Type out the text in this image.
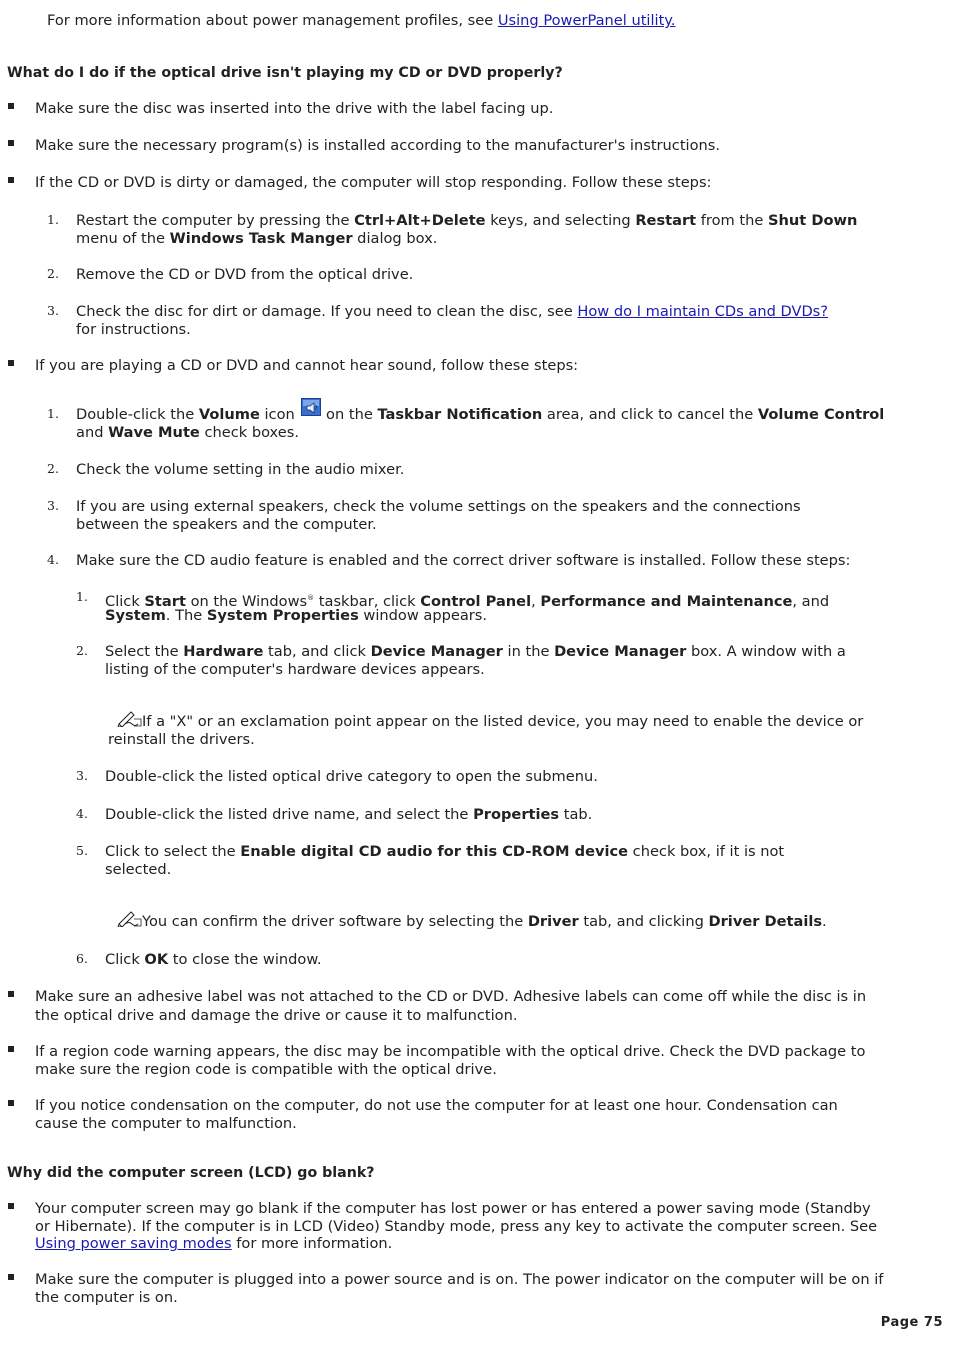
For more information about power management profiles, see Using PowerPanel utility.
What do I do if the optical drive isn't playing my CD or DVD properly?
Make sure the disc was inserted into the drive with the label facing up.
Make sure the necessary program(s) is installed according to the manufacturer's instructions.
If the CD or DVD is dirty or damaged, the computer will stop responding. Follow these steps:
1. Restart the computer by pressing the Ctrl+Alt+Delete keys, and selecting Restart from the Shut Down
menu of the Windows Task Manger dialog box.
2. Remove the CD or DVD from the optical drive.
3. Check the disc for dirt or damage. If you need to clean the disc, see How do I maintain CDs and DVDs?
for instructions.
If you are playing a CD or DVD and cannot hear sound, follow these steps:
1. Double-click the Volume icon  on the Taskbar Notification area, and click to cancel the Volume Control
and Wave Mute check boxes.
2. Check the volume setting in the audio mixer.
3. If you are using external speakers, check the volume settings on the speakers and the connections
between the speakers and the computer.
4. Make sure the CD audio feature is enabled and the correct driver software is installed. Follow these steps:
1. Click Start on the Windows® taskbar, click Control Panel, Performance and Maintenance, and
System. The System Properties window appears.
2. Select the Hardware tab, and click Device Manager in the Device Manager box. A window with a
listing of the computer's hardware devices appears.
If a "X" or an exclamation point appear on the listed device, you may need to enable the device or
reinstall the drivers.
3. Double-click the listed optical drive category to open the submenu.
4. Double-click the listed drive name, and select the Properties tab.
5. Click to select the Enable digital CD audio for this CD-ROM device check box, if it is not
selected.
You can confirm the driver software by selecting the Driver tab, and clicking Driver Details.
6. Click OK to close the window.
Make sure an adhesive label was not attached to the CD or DVD. Adhesive labels can come off while the disc is in
the optical drive and damage the drive or cause it to malfunction.
If a region code warning appears, the disc may be incompatible with the optical drive. Check the DVD package to
make sure the region code is compatible with the optical drive.
If you notice condensation on the computer, do not use the computer for at least one hour. Condensation can
cause the computer to malfunction.
Why did the computer screen (LCD) go blank?
Your computer screen may go blank if the computer has lost power or has entered a power saving mode (Standby
or Hibernate). If the computer is in LCD (Video) Standby mode, press any key to activate the computer screen. See
Using power saving modes for more information.
Make sure the computer is plugged into a power source and is on. The power indicator on the computer will be on if
the computer is on.
Page 75
